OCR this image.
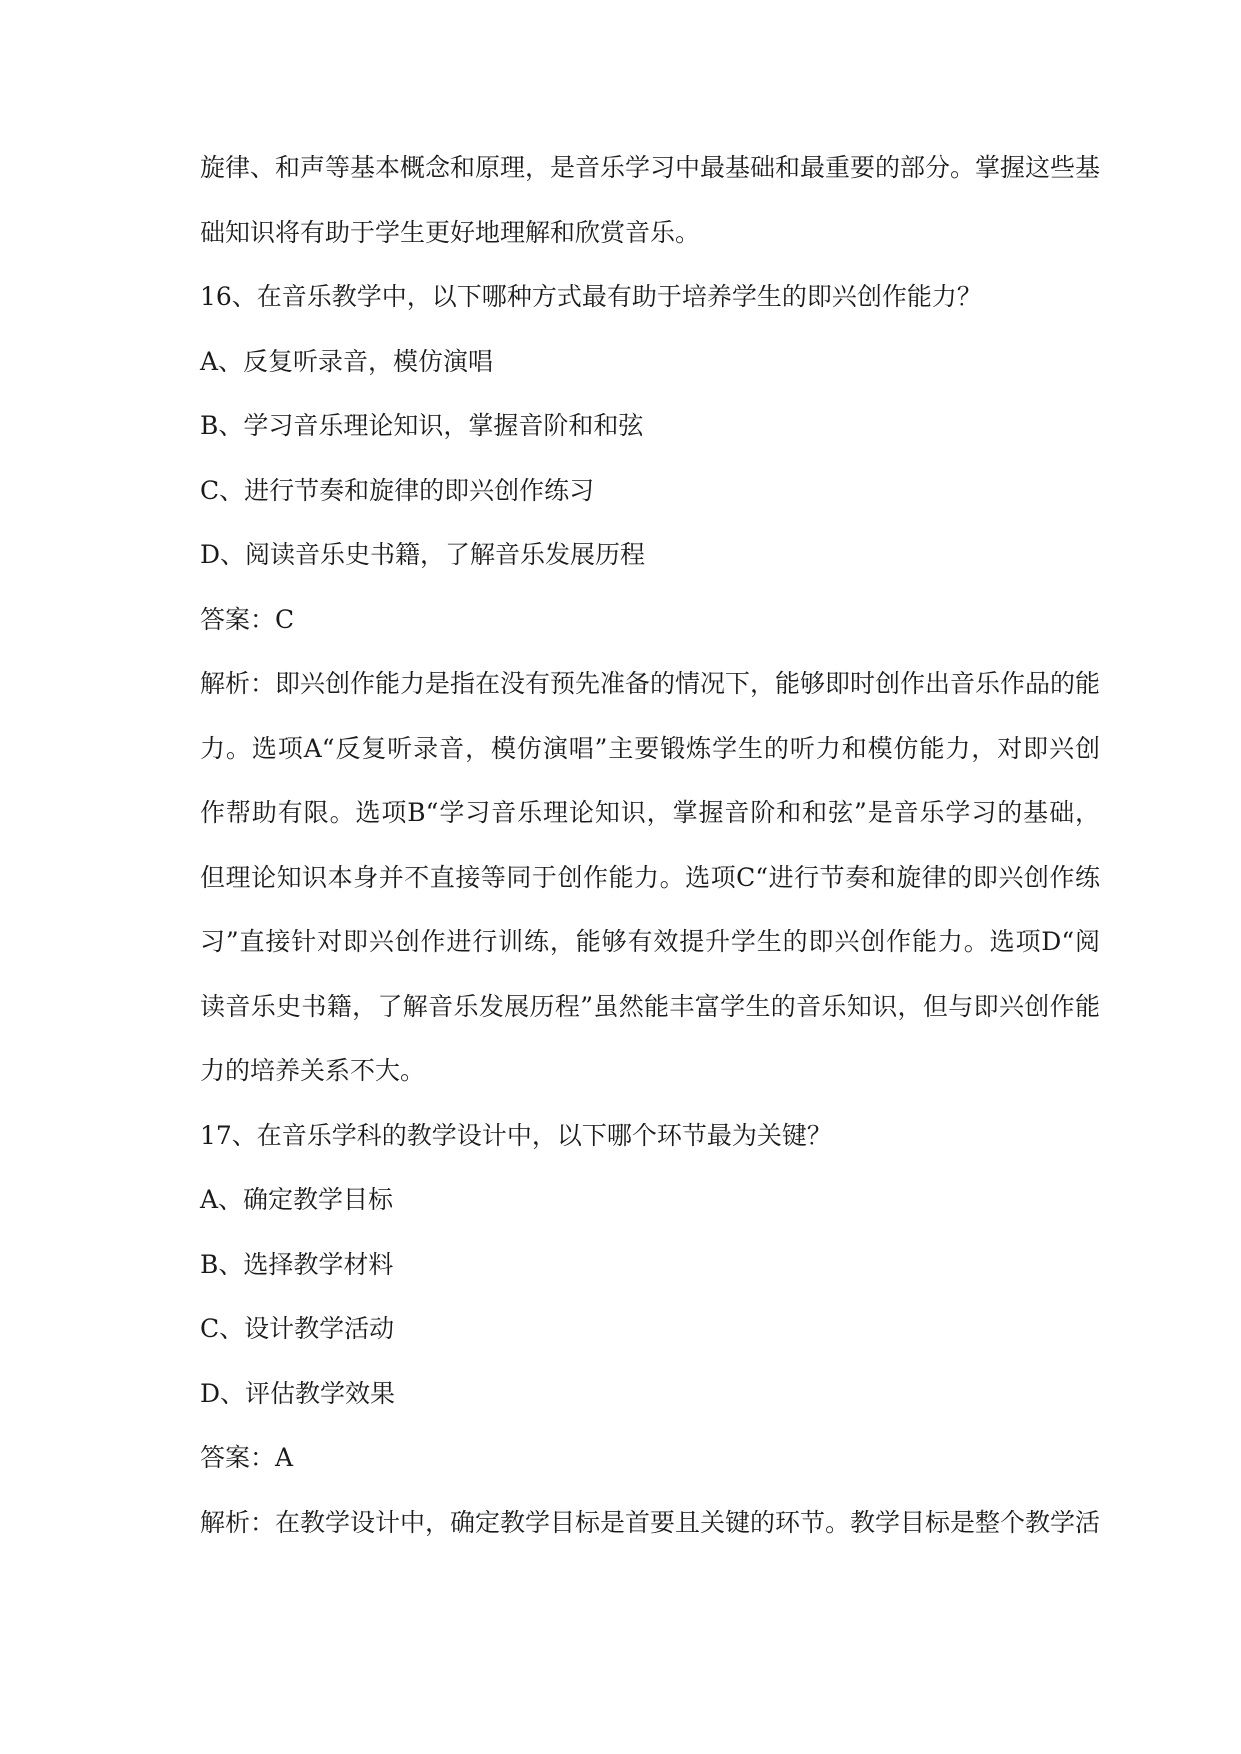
旋律、和声等基本概念和原理，是音乐学习中最基础和最重要的部分。掌握这些基

础知识将有助于学生更好地理解和欣赏音乐。

16、在音乐教学中，以下哪种方式最有助于培养学生的即兴创作能力？

A、反复听录音，模仿演唱

B、学习音乐理论知识，掌握音阶和和弦

C、进行节奏和旋律的即兴创作练习

D、阅读音乐史书籍，了解音乐发展历程

答案：C

解析：即兴创作能力是指在没有预先准备的情况下，能够即时创作出音乐作品的能

力。选项A“反复听录音，模仿演唱”主要锻炼学生的听力和模仿能力，对即兴创

作帮助有限。选项B“学习音乐理论知识，掌握音阶和和弦”是音乐学习的基础，

但理论知识本身并不直接等同于创作能力。选项C“进行节奏和旋律的即兴创作练

习”直接针对即兴创作进行训练，能够有效提升学生的即兴创作能力。选项D“阅

读音乐史书籍，了解音乐发展历程”虽然能丰富学生的音乐知识，但与即兴创作能

力的培养关系不大。

17、在音乐学科的教学设计中，以下哪个环节最为关键？

A、确定教学目标

B、选择教学材料

C、设计教学活动

D、评估教学效果

答案：A

解析：在教学设计中，确定教学目标是首要且关键的环节。教学目标是整个教学活
